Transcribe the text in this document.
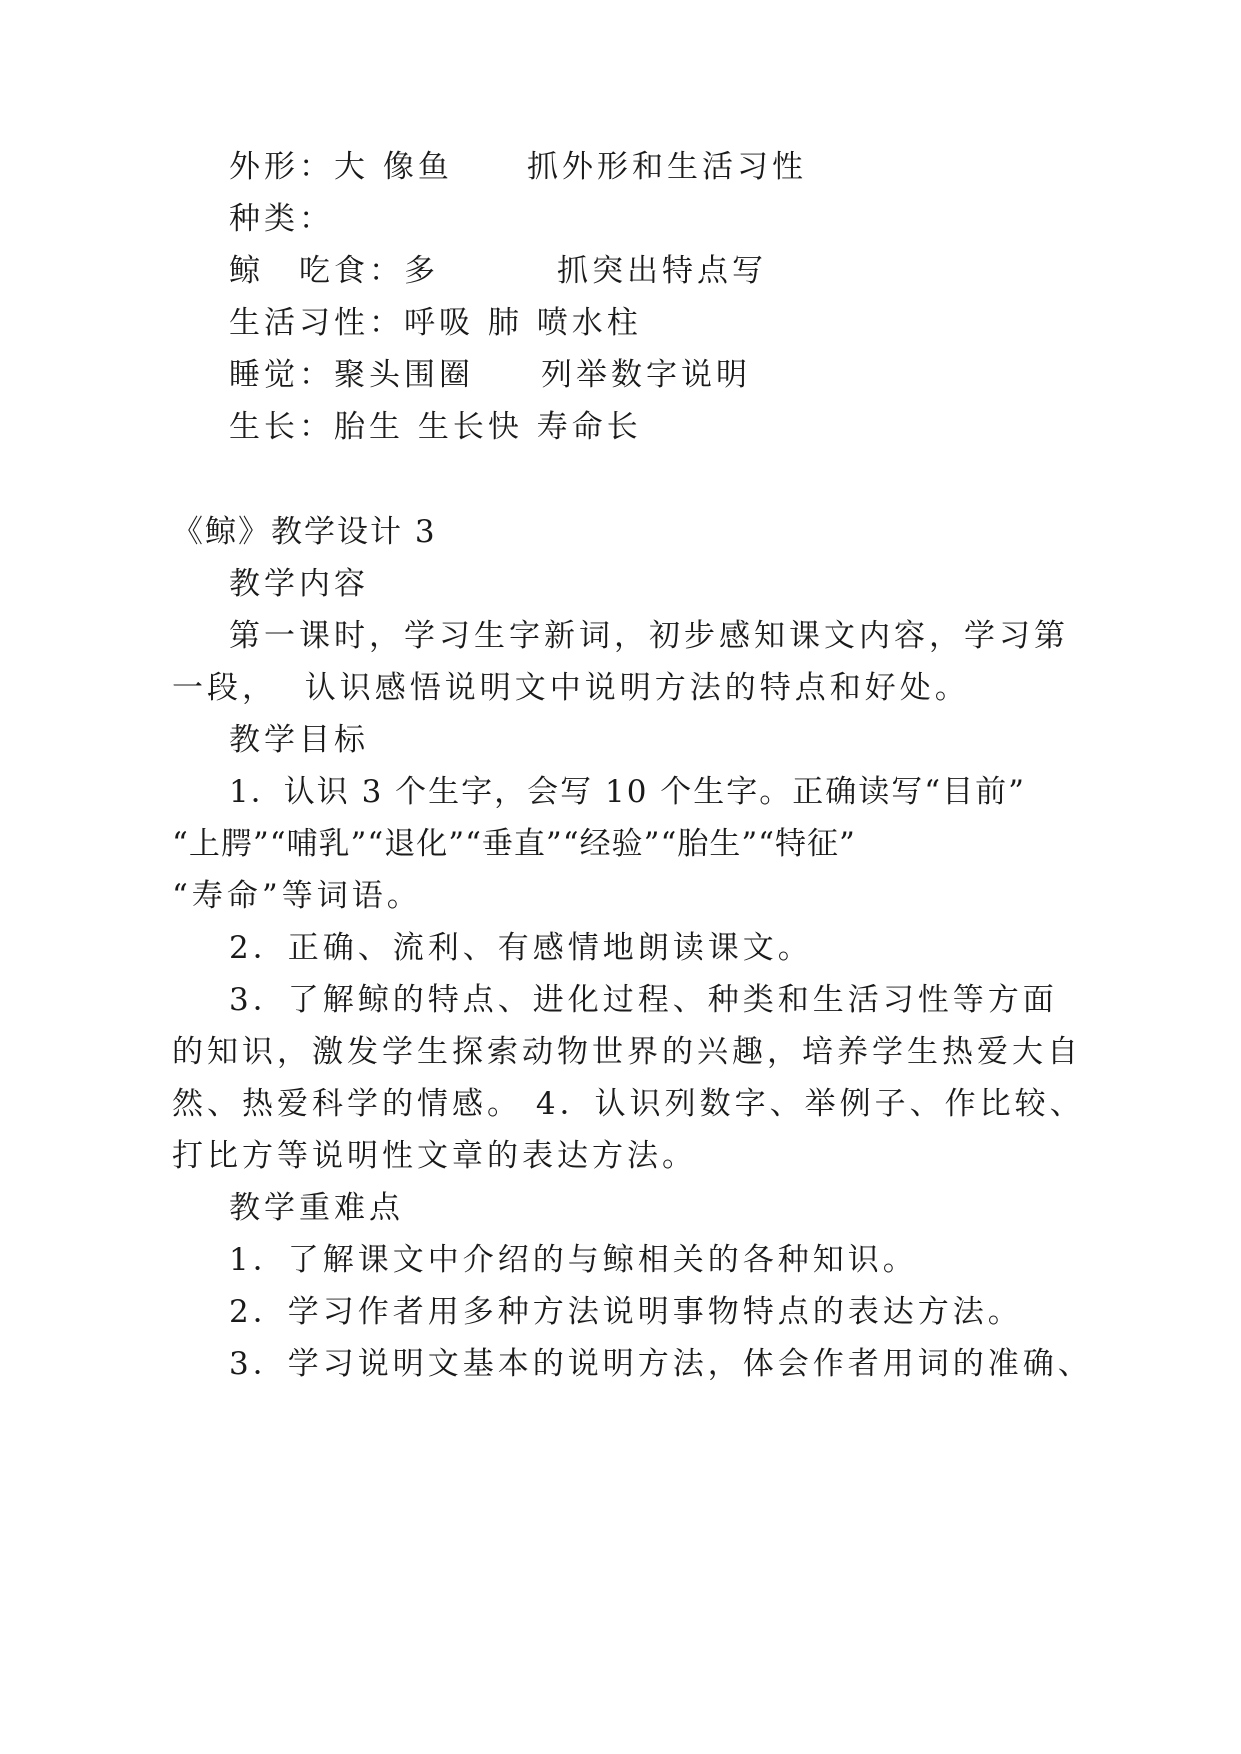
外形：大 像鱼 抓外形和生活习性
种类：
鲸　吃食：多	抓突出特点写
生活习性：呼吸 肺 喷水柱
睡觉：聚头围圈 列举数字说明
生长：胎生 生长快 寿命长
《鲸》教学设计 3
教学内容
第一课时，学习生字新词，初步感知课文内容，学习第
一段，  认识感悟说明文中说明方法的特点和好处。
教学目标
1．认识 3 个生字，会写 10 个生字。正确读写“目前”
“上腭”“哺乳”“退化”“垂直”“经验”“胎生”“特征”
“寿命”等词语。
2．正确、流利、有感情地朗读课文。
3．了解鲸的特点、进化过程、种类和生活习性等方面
的知识，激发学生探索动物世界的兴趣，培养学生热爱大自
然、热爱科学的情感。 4．认识列数字、举例子、作比较、
打比方等说明性文章的表达方法。
教学重难点
1．了解课文中介绍的与鲸相关的各种知识。
2．学习作者用多种方法说明事物特点的表达方法。
3．学习说明文基本的说明方法，体会作者用词的准确、
